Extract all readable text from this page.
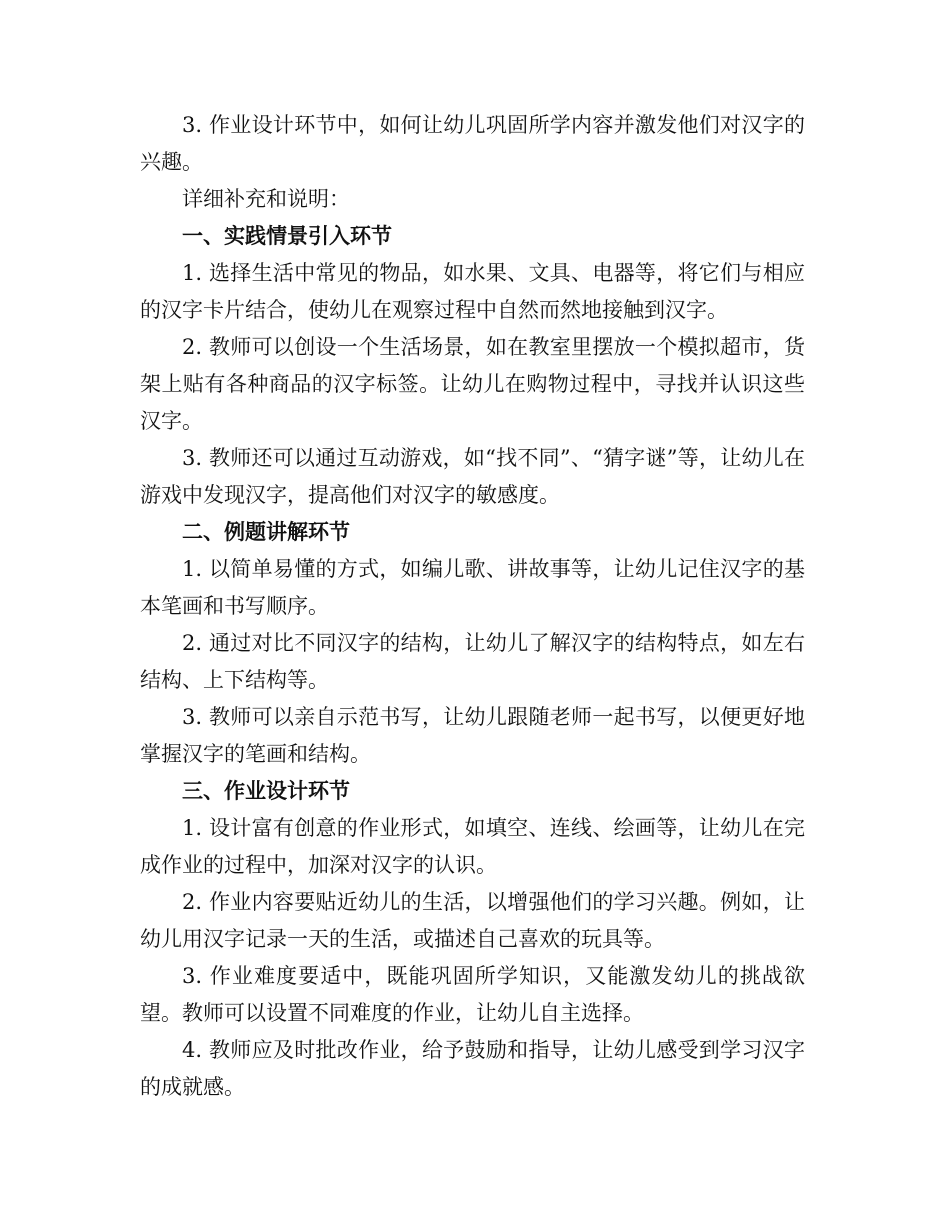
3. 作业设计环节中，如何让幼儿巩固所学内容并激发他们对汉字的兴趣。

详细补充和说明：

一、实践情景引入环节

1. 选择生活中常见的物品，如水果、文具、电器等，将它们与相应的汉字卡片结合，使幼儿在观察过程中自然而然地接触到汉字。

2. 教师可以创设一个生活场景，如在教室里摆放一个模拟超市，货架上贴有各种商品的汉字标签。让幼儿在购物过程中，寻找并认识这些汉字。

3. 教师还可以通过互动游戏，如“找不同”、“猜字谜”等，让幼儿在游戏中发现汉字，提高他们对汉字的敏感度。

二、例题讲解环节

1. 以简单易懂的方式，如编儿歌、讲故事等，让幼儿记住汉字的基本笔画和书写顺序。

2. 通过对比不同汉字的结构，让幼儿了解汉字的结构特点，如左右结构、上下结构等。

3. 教师可以亲自示范书写，让幼儿跟随老师一起书写，以便更好地掌握汉字的笔画和结构。

三、作业设计环节

1. 设计富有创意的作业形式，如填空、连线、绘画等，让幼儿在完成作业的过程中，加深对汉字的认识。

2. 作业内容要贴近幼儿的生活，以增强他们的学习兴趣。例如，让幼儿用汉字记录一天的生活，或描述自己喜欢的玩具等。

3. 作业难度要适中，既能巩固所学知识，又能激发幼儿的挑战欲望。教师可以设置不同难度的作业，让幼儿自主选择。

4. 教师应及时批改作业，给予鼓励和指导，让幼儿感受到学习汉字的成就感。
